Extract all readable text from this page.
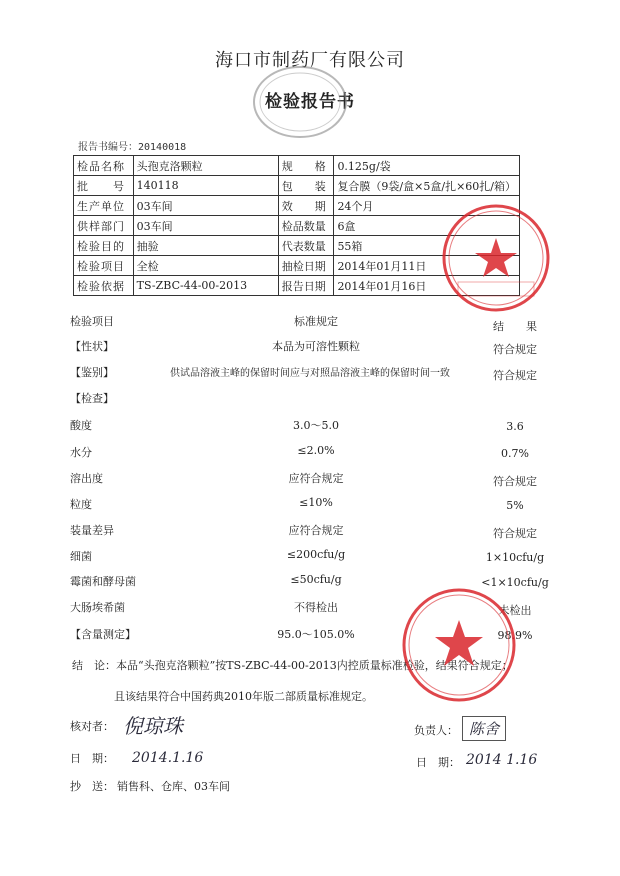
海口市制药厂有限公司
检验报告书
报告书编号：20140018
检品名称	头孢克洛颗粒	规　　格	0.125g/袋
批　　号	140118	包　　装	复合膜（9袋/盒×5盒/扎×60扎/箱）
生产单位	03车间	效　　期	24个月
供样部门	03车间	检品数量	6盒
检验目的	抽验	代表数量	55箱
检验项目	全检	抽检日期	2014年01月11日
检验依据	TS-ZBC-44-00-2013	报告日期	2014年01月16日
检验项目	标准规定	结　　果
【性状】	本品为可溶性颗粒	符合规定
【鉴别】	供试品溶液主峰的保留时间应与对照品溶液主峰的保留时间一致	符合规定
【检查】
酸度	3.0～5.0	3.6
水分	≤2.0%	0.7%
溶出度	应符合规定	符合规定
粒度	≤10%	5%
装量差异	应符合规定	符合规定
细菌	≤200cfu/g	1×10cfu/g
霉菌和酵母菌	≤50cfu/g	<1×10cfu/g
大肠埃希菌	不得检出	未检出
【含量测定】	95.0～105.0%	98.9%
结　论：本品“头孢克洛颗粒”按TS-ZBC-44-00-2013内控质量标准检验，结果符合规定；
且该结果符合中国药典2010年版二部质量标准规定。
核对者： 倪琼珠	负责人： 陈舍
日　期： 2014.1.16	日　期： 2014 1.16
抄　送： 销售科、仓库、03车间
